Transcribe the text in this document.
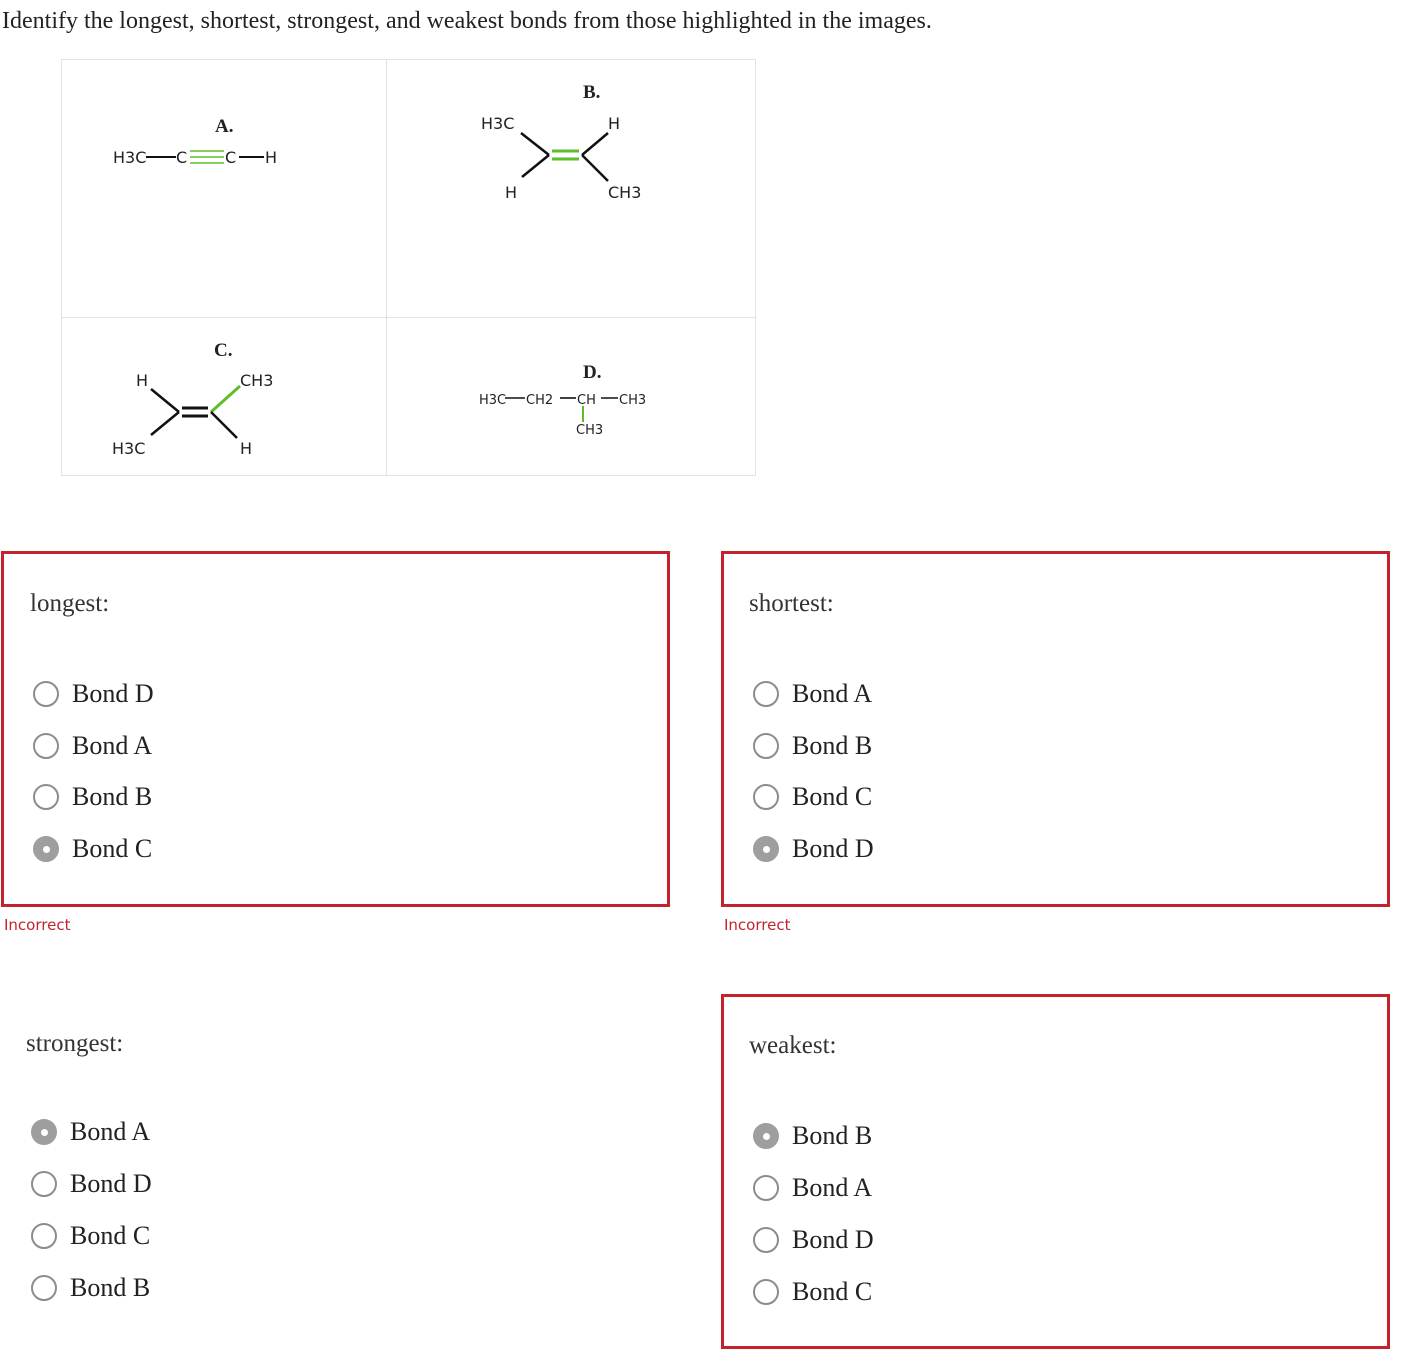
Identify the longest, shortest, strongest, and weakest bonds from those highlighted in the images.
A.
H3C C C H
B.
H3C	H
H	CH3
C.
H	CH3
H3C	H
D.
H3C CH2 CH CH3
CH3
longest:
Bond D
Bond A
Bond B
Bond C
Incorrect
shortest:
Bond A
Bond B
Bond C
Bond D
Incorrect
strongest:
Bond A
Bond D
Bond C
Bond B
weakest:
Bond B
Bond A
Bond D
Bond C
